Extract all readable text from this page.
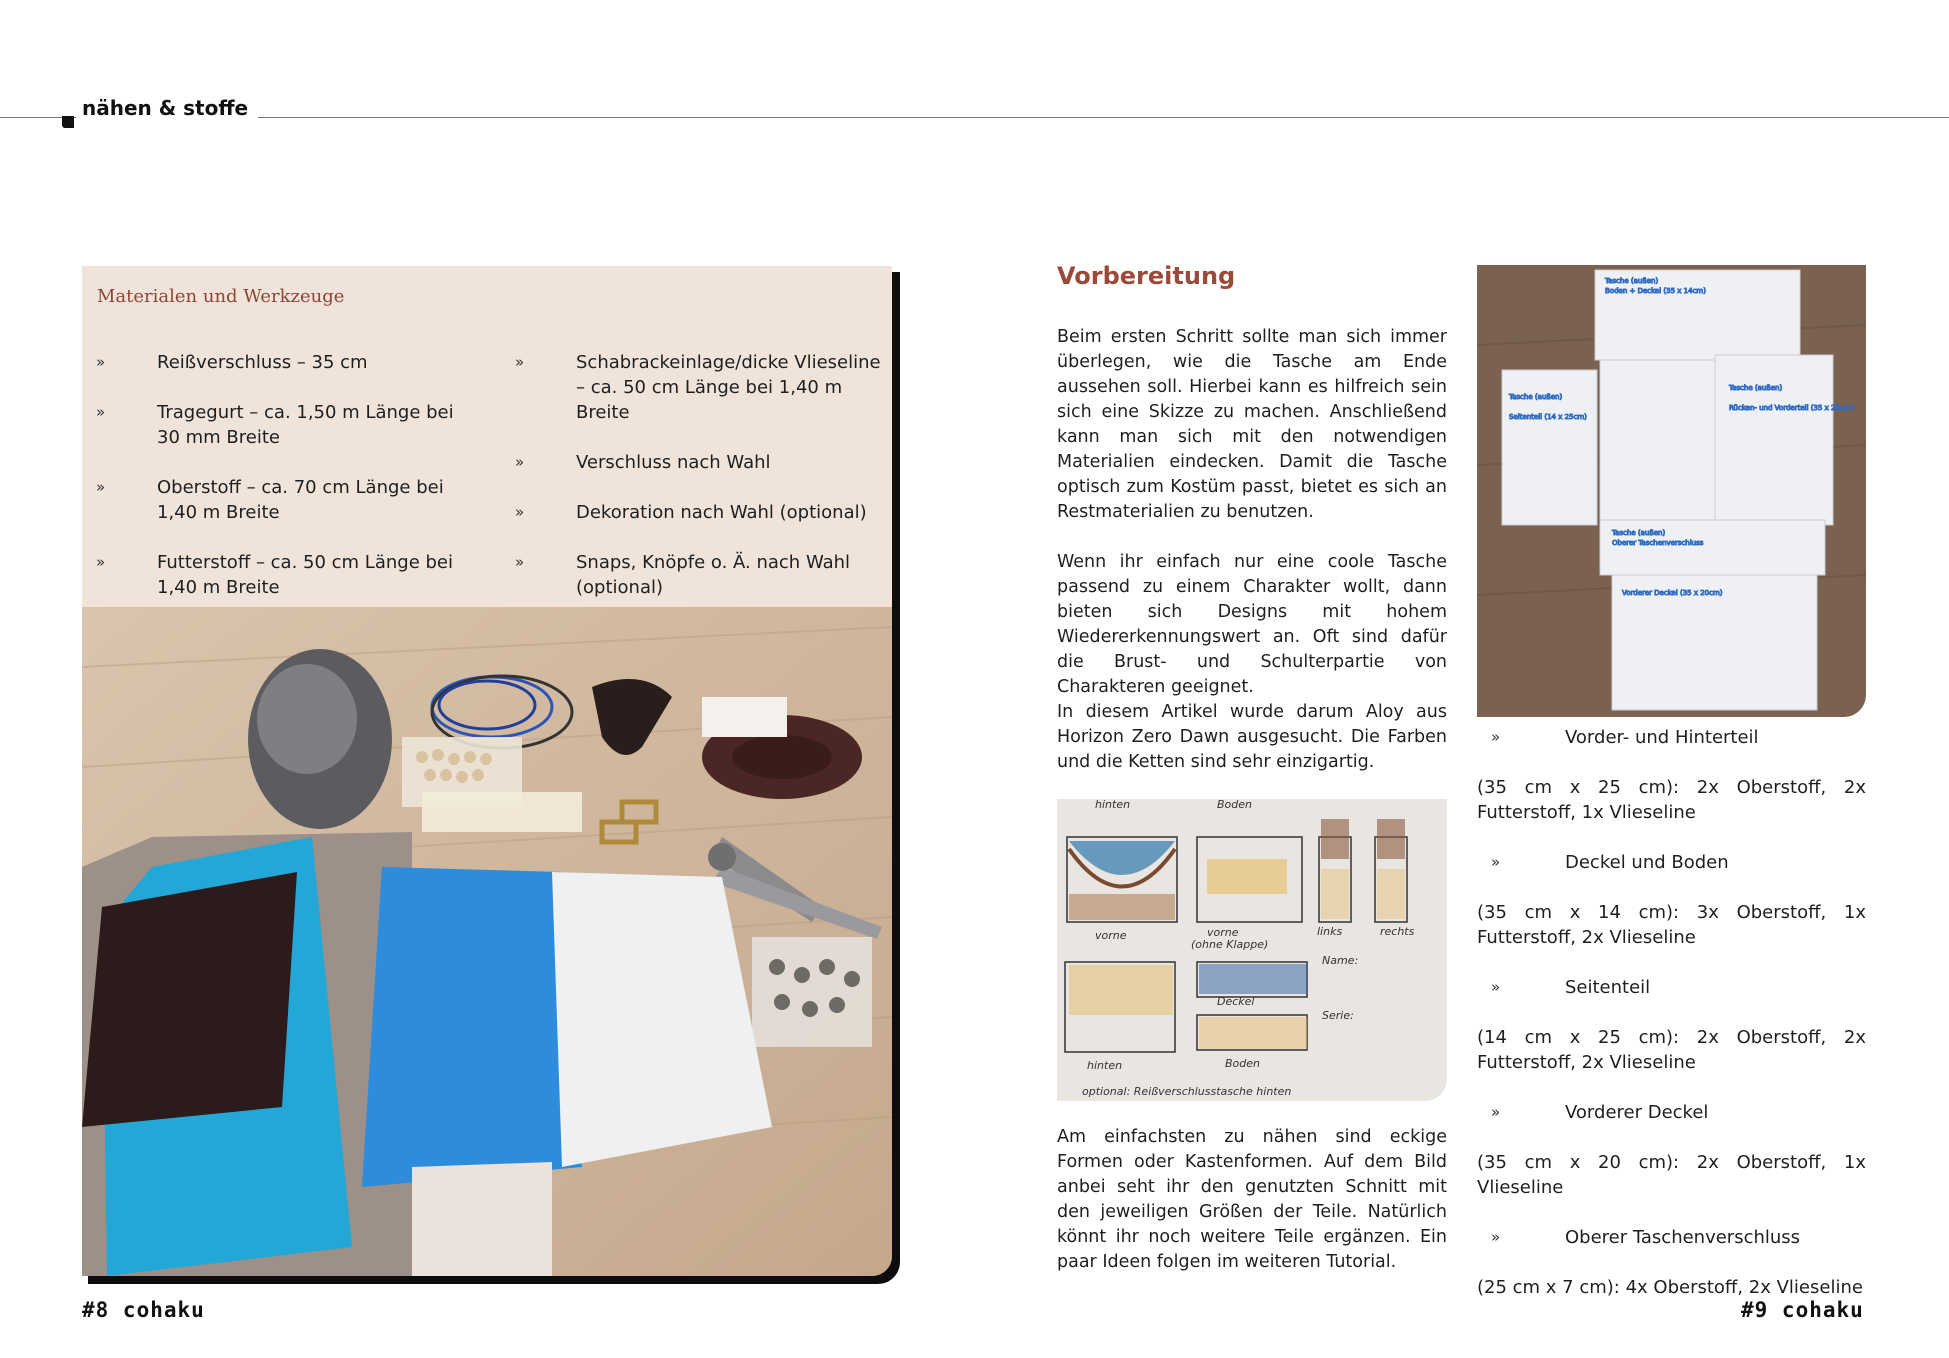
nähen & stoffe
Materialen und Werkzeuge
»	Reißverschluss – 35 cm
»	Tragegurt – ca. 1,50 m Länge bei 30 mm Breite
»	Oberstoff – ca. 70 cm Länge bei 1,40 m Breite
»	Futterstoff – ca. 50 cm Länge bei 1,40 m Breite
»	Schabrackeinlage/dicke Vlieseline – ca. 50 cm Länge bei 1,40 m Breite
»	Verschluss nach Wahl
»	Dekoration nach Wahl (optional)
»	Snaps, Knöpfe o. Ä. nach Wahl (optional)
#8 cohaku	#9 cohaku
Vorbereitung
Beim ersten Schritt sollte man sich immer überlegen, wie die Tasche am Ende aussehen soll. Hierbei kann es hilfreich sein sich eine Skizze zu machen. Anschließend kann man sich mit den notwendigen Materialien eindecken. Damit die Tasche optisch zum Kostüm passt, bietet es sich an Restmaterialien zu benutzen.
Wenn ihr einfach nur eine coole Tasche passend zu einem Charakter wollt, dann bieten sich Designs mit hohem Wiedererkennungswert an. Oft sind dafür die Brust- und Schulterpartie von Charakteren geeignet.
In diesem Artikel wurde darum Aloy aus Horizon Zero Dawn ausgesucht. Die Farben und die Ketten sind sehr einzigartig.
hinten	Boden
vorne	vorne
(ohne Klappe)
links	rechts
Name:
Serie:
Deckel
hinten	Boden
optional: Reißverschlusstasche hinten
Am einfachsten zu nähen sind eckige Formen oder Kastenformen. Auf dem Bild anbei seht ihr den genutzten Schnitt mit den jeweiligen Größen der Teile. Natürlich könnt ihr noch weitere Teile ergänzen. Ein paar Ideen folgen im weiteren Tutorial.
Tasche (außen)
Boden + Deckel (35 x 14cm)
Tasche (außen)
Seitenteil (14 x 25cm)
Tasche (außen)
Rücken- und Vorderteil (35 x 25cm)
Tasche (außen)
Oberer Taschenverschluss
Vorderer Deckel (35 x 20cm)
»	Vorder- und Hinterteil
(35 cm x 25 cm): 2x Oberstoff, 2x Futterstoff, 1x Vlieseline
»	Deckel und Boden
(35 cm x 14 cm): 3x Oberstoff, 1x Futterstoff, 2x Vlieseline
»	Seitenteil
(14 cm x 25 cm): 2x Oberstoff, 2x Futterstoff, 2x Vlieseline
»	Vorderer Deckel
(35 cm x 20 cm): 2x Oberstoff, 1x Vlieseline
»	Oberer Taschenverschluss
(25 cm x 7 cm): 4x Oberstoff, 2x Vlieseline
